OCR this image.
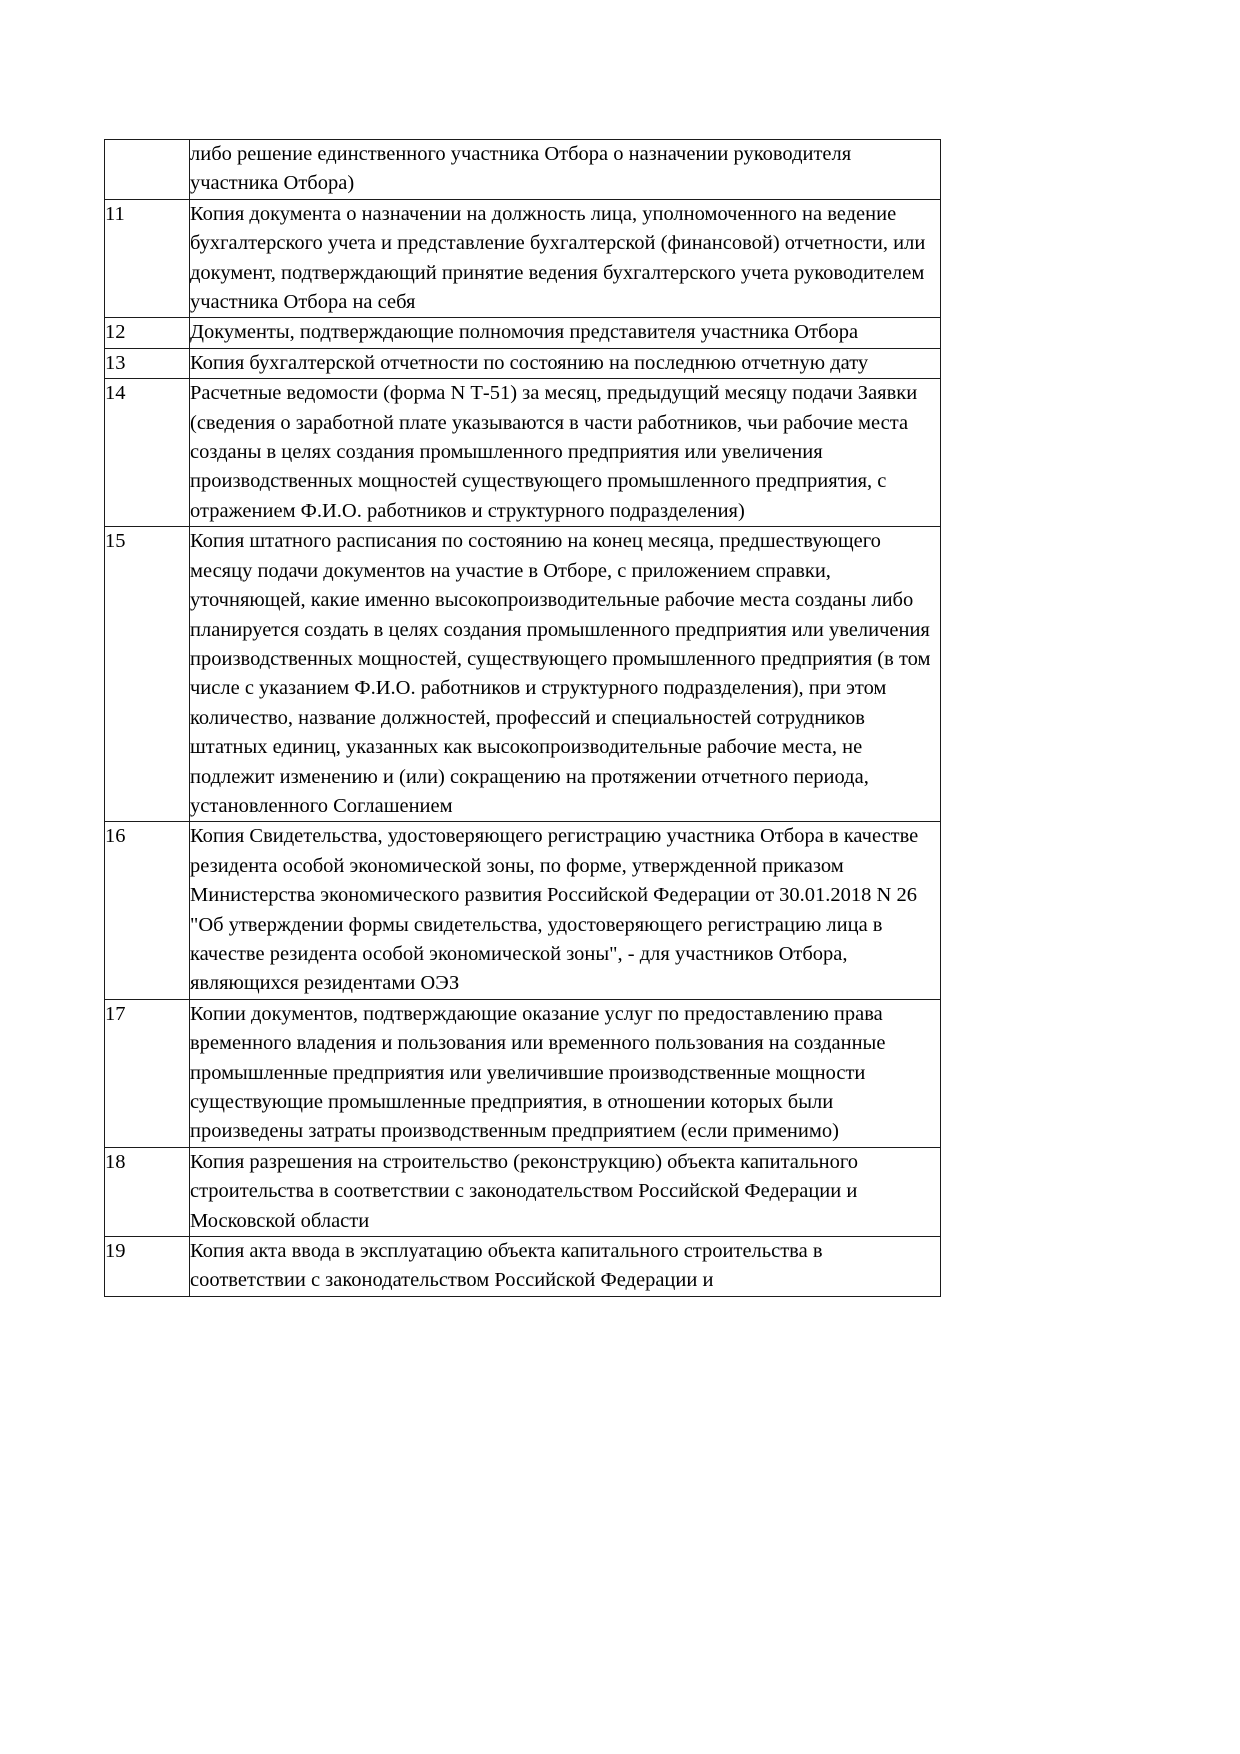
	либо решение единственного участника Отбора о назначении руководителя участника Отбора)

11	Копия документа о назначении на должность лица, уполномоченного на ведение бухгалтерского учета и представление бухгалтерской (финансовой) отчетности, или документ, подтверждающий принятие ведения бухгалтерского учета руководителем участника Отбора на себя

12	Документы, подтверждающие полномочия представителя участника Отбора

13	Копия бухгалтерской отчетности по состоянию на последнюю отчетную дату

14	Расчетные ведомости (форма N Т-51) за месяц, предыдущий месяцу подачи Заявки (сведения о заработной плате указываются в части работников, чьи рабочие места созданы в целях создания промышленного предприятия или увеличения производственных мощностей существующего промышленного предприятия, с отражением Ф.И.О. работников и структурного подразделения)

15	Копия штатного расписания по состоянию на конец месяца, предшествующего месяцу подачи документов на участие в Отборе, с приложением справки, уточняющей, какие именно высокопроизводительные рабочие места созданы либо планируется создать в целях создания промышленного предприятия или увеличения производственных мощностей, существующего промышленного предприятия (в том числе с указанием Ф.И.О. работников и структурного подразделения), при этом количество, название должностей, профессий и специальностей сотрудников штатных единиц, указанных как высокопроизводительные рабочие места, не подлежит изменению и (или) сокращению на протяжении отчетного периода, установленного Соглашением

16	Копия Свидетельства, удостоверяющего регистрацию участника Отбора в качестве резидента особой экономической зоны, по форме, утвержденной приказом Министерства экономического развития Российской Федерации от 30.01.2018 N 26 "Об утверждении формы свидетельства, удостоверяющего регистрацию лица в качестве резидента особой экономической зоны", - для участников Отбора, являющихся резидентами ОЭЗ

17	Копии документов, подтверждающие оказание услуг по предоставлению права временного владения и пользования или временного пользования на созданные промышленные предприятия или увеличившие производственные мощности существующие промышленные предприятия, в отношении которых были произведены затраты производственным предприятием (если применимо)

18	Копия разрешения на строительство (реконструкцию) объекта капитального строительства в соответствии с законодательством Российской Федерации и Московской области

19	Копия акта ввода в эксплуатацию объекта капитального строительства в соответствии с законодательством Российской Федерации и
